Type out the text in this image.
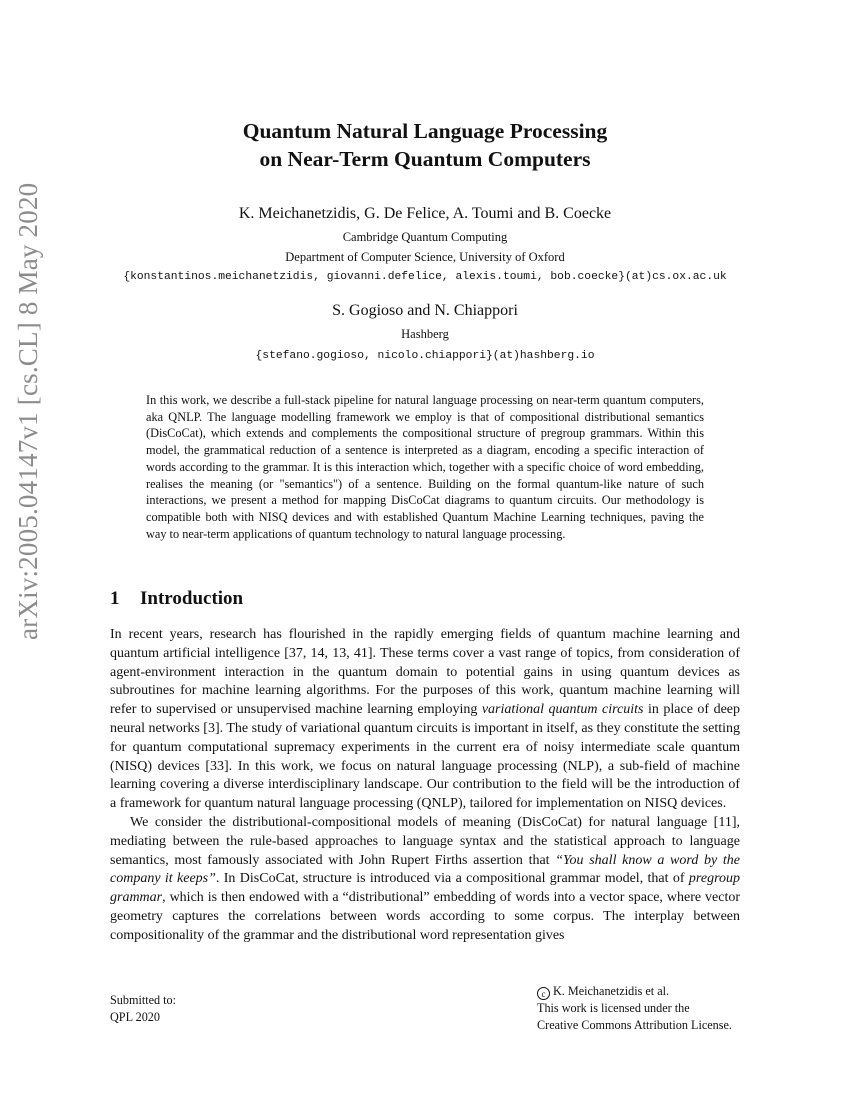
arXiv:2005.04147v1 [cs.CL] 8 May 2020
Quantum Natural Language Processing
on Near-Term Quantum Computers
K. Meichanetzidis, G. De Felice, A. Toumi and B. Coecke
Cambridge Quantum Computing
Department of Computer Science, University of Oxford
{konstantinos.meichanetzidis, giovanni.defelice, alexis.toumi, bob.coecke}(at)cs.ox.ac.uk
S. Gogioso and N. Chiappori
Hashberg
{stefano.gogioso, nicolo.chiappori}(at)hashberg.io

In this work, we describe a full-stack pipeline for natural language processing on near-term quantum computers, aka QNLP. The language modelling framework we employ is that of compositional distributional semantics (DisCoCat), which extends and complements the compositional structure of pregroup grammars. Within this model, the grammatical reduction of a sentence is interpreted as a diagram, encoding a specific interaction of words according to the grammar. It is this interaction which, together with a specific choice of word embedding, realises the meaning (or "semantics") of a sentence. Building on the formal quantum-like nature of such interactions, we present a method for mapping DisCoCat diagrams to quantum circuits. Our methodology is compatible both with NISQ devices and with established Quantum Machine Learning techniques, paving the way to near-term applications of quantum technology to natural language processing.

1 Introduction

In recent years, research has flourished in the rapidly emerging fields of quantum machine learning and quantum artificial intelligence [37, 14, 13, 41]. These terms cover a vast range of topics, from consideration of agent-environment interaction in the quantum domain to potential gains in using quantum devices as subroutines for machine learning algorithms. For the purposes of this work, quantum machine learning will refer to supervised or unsupervised machine learning employing variational quantum circuits in place of deep neural networks [3]. The study of variational quantum circuits is important in itself, as they constitute the setting for quantum computational supremacy experiments in the current era of noisy intermediate scale quantum (NISQ) devices [33]. In this work, we focus on natural language processing (NLP), a sub-field of machine learning covering a diverse interdisciplinary landscape. Our contribution to the field will be the introduction of a framework for quantum natural language processing (QNLP), tailored for implementation on NISQ devices.

We consider the distributional-compositional models of meaning (DisCoCat) for natural language [11], mediating between the rule-based approaches to language syntax and the statistical approach to language semantics, most famously associated with John Rupert Firths assertion that “You shall know a word by the company it keeps”. In DisCoCat, structure is introduced via a compositional grammar model, that of pregroup grammar, which is then endowed with a “distributional” embedding of words into a vector space, where vector geometry captures the correlations between words according to some corpus. The interplay between compositionality of the grammar and the distributional word representation gives

Submitted to:
QPL 2020
c K. Meichanetzidis et al.
This work is licensed under the
Creative Commons Attribution License.
